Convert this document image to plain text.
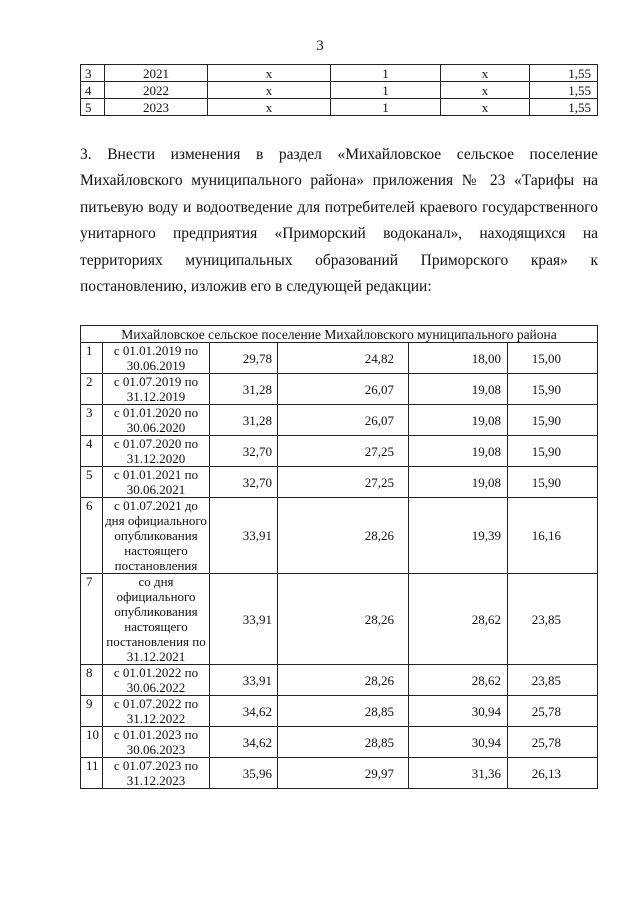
3
3	2021	х	1	х	1,55
4	2022	х	1	х	1,55
5	2023	х	1	х	1,55

3. Внести изменения в раздел «Михайловское сельское поселение Михайловского муниципального района» приложения № 23 «Тарифы на питьевую воду и водоотведение для потребителей краевого государственного унитарного предприятия «Приморский водоканал», находящихся на территориях муниципальных образований Приморского края» к постановлению, изложив его в следующей редакции:

Михайловское сельское поселение Михайловского муниципального района					
1	с 01.01.2019 по 30.06.2019	29,78	24,82	18,00	15,00
2	с 01.07.2019 по 31.12.2019	31,28	26,07	19,08	15,90
3	с 01.01.2020 по 30.06.2020	31,28	26,07	19,08	15,90
4	с 01.07.2020 по 31.12.2020	32,70	27,25	19,08	15,90
5	с 01.01.2021 по 30.06.2021	32,70	27,25	19,08	15,90
6	с 01.07.2021 до дня официального опубликования настоящего постановления	33,91	28,26	19,39	16,16
7	со дня официального опубликования настоящего постановления по 31.12.2021	33,91	28,26	28,62	23,85
8	с 01.01.2022 по 30.06.2022	33,91	28,26	28,62	23,85
9	с 01.07.2022 по 31.12.2022	34,62	28,85	30,94	25,78
10	с 01.01.2023 по 30.06.2023	34,62	28,85	30,94	25,78
11	с 01.07.2023 по 31.12.2023	35,96	29,97	31,36	26,13
